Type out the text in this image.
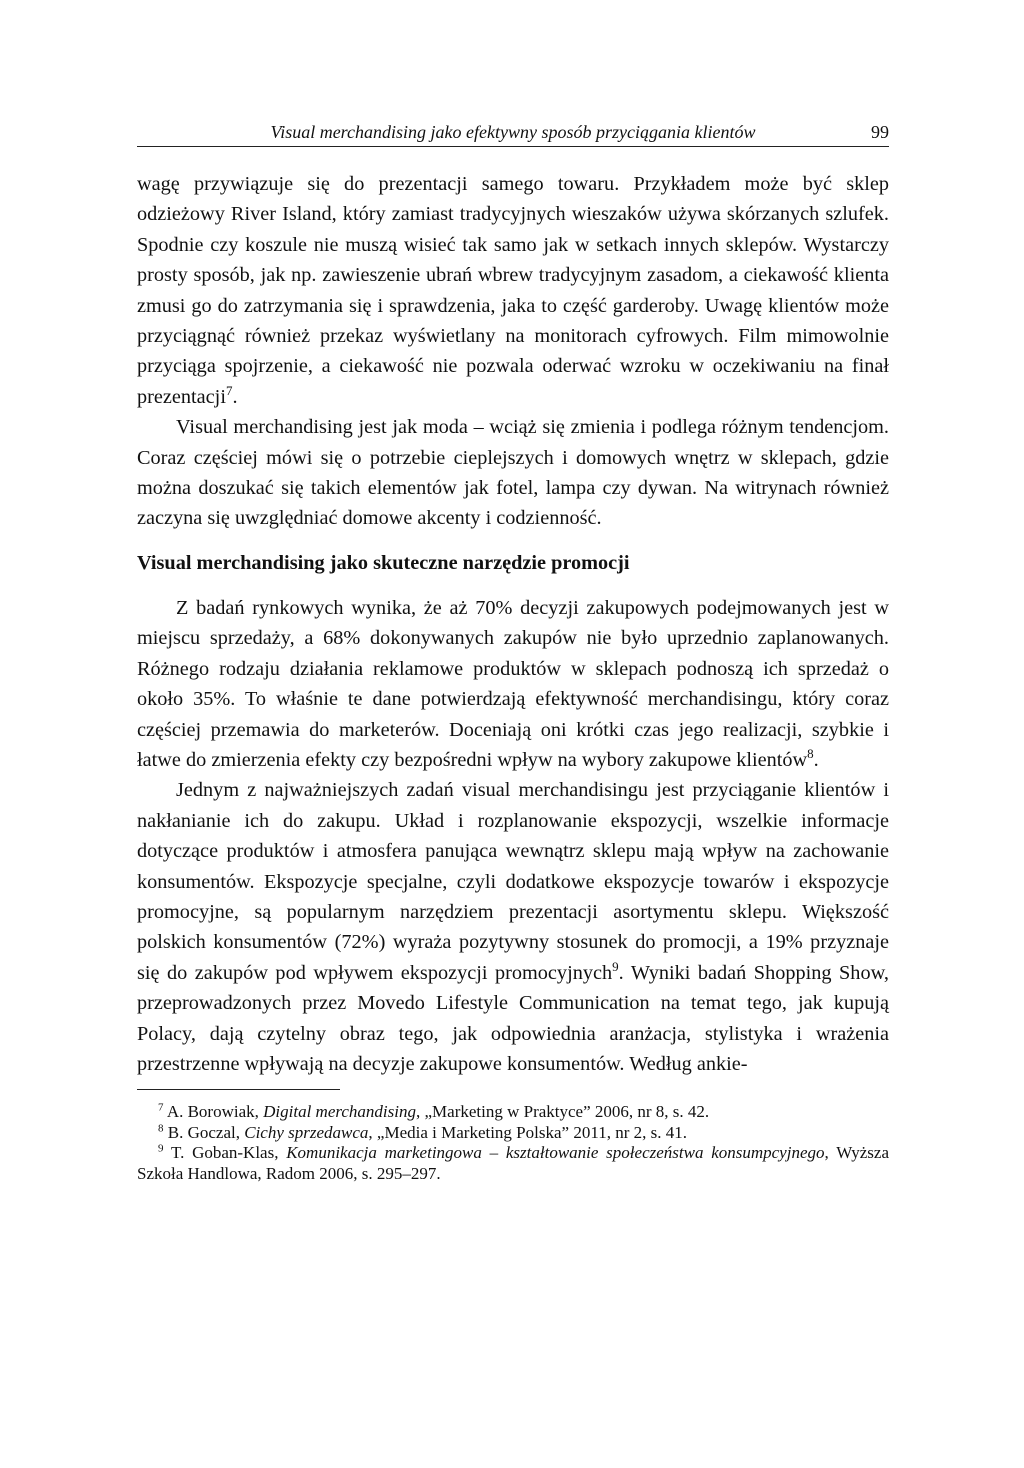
Visual merchandising jako efektywny sposób przyciągania klientów	99

wagę przywiązuje się do prezentacji samego towaru. Przykładem może być sklep odzieżowy River Island, który zamiast tradycyjnych wieszaków używa skórzanych szlufek. Spodnie czy koszule nie muszą wisieć tak samo jak w setkach innych sklepów. Wystarczy prosty sposób, jak np. zawieszenie ubrań wbrew tradycyjnym zasadom, a ciekawość klienta zmusi go do zatrzymania się i sprawdzenia, jaka to część garderoby. Uwagę klientów może przyciągnąć również przekaz wyświetlany na monitorach cyfrowych. Film mimowolnie przyciąga spojrzenie, a ciekawość nie pozwala oderwać wzroku w oczekiwaniu na finał prezentacji$^7$.

Visual merchandising jest jak moda – wciąż się zmienia i podlega różnym tendencjom. Coraz częściej mówi się o potrzebie cieplejszych i domowych wnętrz w sklepach, gdzie można doszukać się takich elementów jak fotel, lampa czy dywan. Na witrynach również zaczyna się uwzględniać domowe akcenty i codzienność.

Visual merchandising jako skuteczne narzędzie promocji

Z badań rynkowych wynika, że aż 70% decyzji zakupowych podejmowanych jest w miejscu sprzedaży, a 68% dokonywanych zakupów nie było uprzednio zaplanowanych. Różnego rodzaju działania reklamowe produktów w sklepach podnoszą ich sprzedaż o około 35%. To właśnie te dane potwierdzają efektywność merchandisingu, który coraz częściej przemawia do marketerów. Doceniają oni krótki czas jego realizacji, szybkie i łatwe do zmierzenia efekty czy bezpośredni wpływ na wybory zakupowe klientów$^8$.

Jednym z najważniejszych zadań visual merchandisingu jest przyciąganie klientów i nakłanianie ich do zakupu. Układ i rozplanowanie ekspozycji, wszelkie informacje dotyczące produktów i atmosfera panująca wewnątrz sklepu mają wpływ na zachowanie konsumentów. Ekspozycje specjalne, czyli dodatkowe ekspozycje towarów i ekspozycje promocyjne, są popularnym narzędziem prezentacji asortymentu sklepu. Większość polskich konsumentów (72%) wyraża pozytywny stosunek do promocji, a 19% przyznaje się do zakupów pod wpływem ekspozycji promocyjnych$^9$. Wyniki badań Shopping Show, przeprowadzonych przez Movedo Lifestyle Communication na temat tego, jak kupują Polacy, dają czytelny obraz tego, jak odpowiednia aranżacja, stylistyka i wrażenia przestrzenne wpływają na decyzje zakupowe konsumentów. Według ankie-

$^7$ A. Borowiak, Digital merchandising, „Marketing w Praktyce” 2006, nr 8, s. 42.

$^8$ B. Goczal, Cichy sprzedawca, „Media i Marketing Polska” 2011, nr 2, s. 41.

$^9$ T. Goban-Klas, Komunikacja marketingowa – kształtowanie społeczeństwa konsumpcyjnego, Wyższa Szkoła Handlowa, Radom 2006, s. 295–297.
